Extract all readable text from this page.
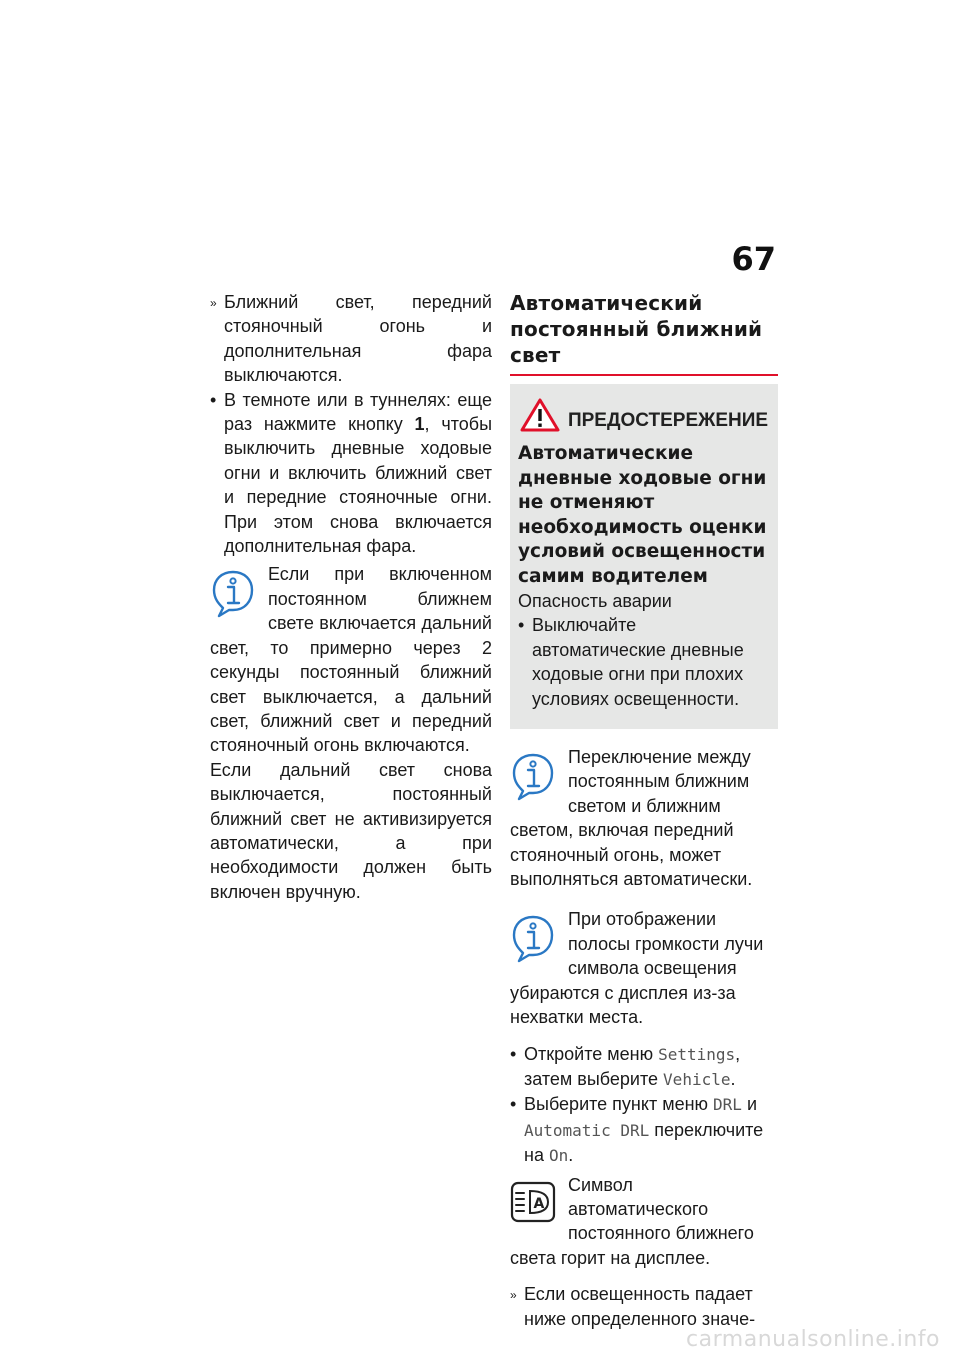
67
» Ближний свет, передний стояночный огонь и дополнительная фара выключаются.
• В темноте или в туннелях: еще раз нажмите кнопку 1, чтобы выключить дневные ходовые огни и включить ближний свет и передние стояночные огни. При этом снова включается дополнительная фара.
Если при включенном постоянном ближнем свете включается дальний свет, то примерно через 2 секунды постоянный ближний свет выключается, а дальний свет, ближний свет и передний стояночный огонь включаются.
Если дальний свет снова выключается, постоянный ближний свет не активизируется автоматически, а при необходимости должен быть включен вручную.
Автоматический постоянный ближний свет
ПРЕДОСТЕРЕЖЕНИЕ
Автоматические дневные ходовые огни не отменяют необходимость оценки условий освещенности самим водителем
Опасность аварии
• Выключайте автоматические дневные ходовые огни при плохих условиях освещенности.
Переключение между постоянным ближним светом и ближним светом, включая передний стояночный огонь, может выполняться автоматически.
При отображении полосы громкости лучи символа освещения убираются с дисплея из-за нехватки места.
• Откройте меню Settings, затем выберите Vehicle.
• Выберите пункт меню DRL и Automatic DRL переключите на On.
A
Символ автоматического постоянного ближнего света горит на дисплее.
» Если освещенность падает ниже определенного значе-
carmanualsonline.info
